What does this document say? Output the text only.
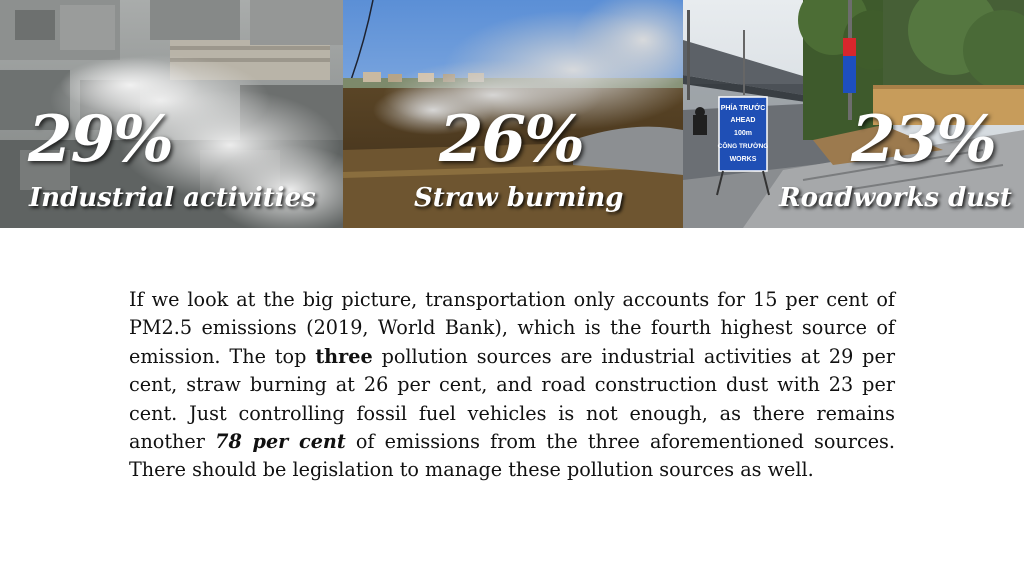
29%
Industrial activities
26%
Straw burning
PHÍA TRƯỚC
AHEAD
100m
CÔNG TRƯỜNG
WORKS 23%
Roadworks dust

If we look at the big picture, transportation only accounts for 15 per cent of PM2.5 emissions (2019, World Bank), which is the fourth highest source of emission. The top three pollution sources are industrial activities at 29 per cent, straw burning at 26 per cent, and road construction dust with 23 per cent. Just controlling fossil fuel vehicles is not enough, as there remains another 78 per cent of emissions from the three aforementioned sources. There should be legislation to manage these pollution sources as well.
